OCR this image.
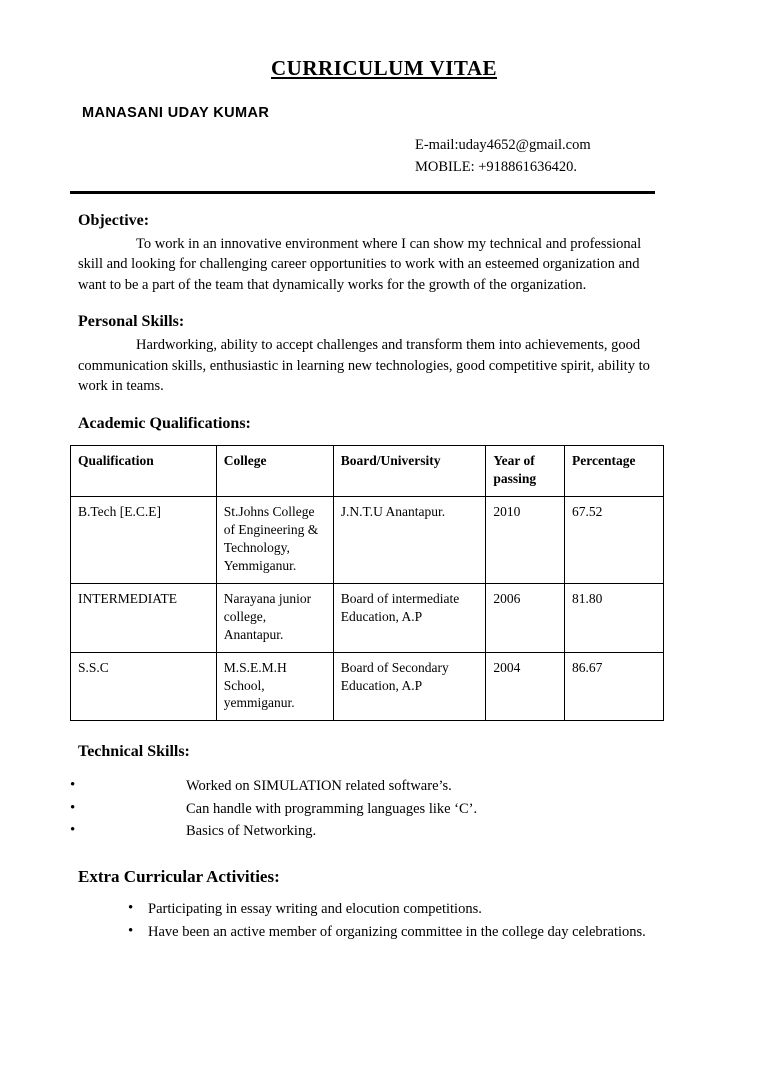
CURRICULUM VITAE
MANASANI UDAY KUMAR
E-mail:uday4652@gmail.com
MOBILE: +918861636420.
Objective:
To work in an innovative environment where I can show my technical and professional skill and looking for challenging career opportunities to work with an esteemed organization and want to be a part of the team that dynamically works for the growth of the organization.
Personal Skills:
Hardworking, ability to accept challenges and transform them into achievements, good communication skills, enthusiastic in learning new technologies, good competitive spirit, ability to work in teams.
Academic Qualifications:
Qualification	College	Board/University	Year of passing	Percentage
B.Tech [E.C.E]	St.Johns College of Engineering & Technology, Yemmiganur.	J.N.T.U Anantapur.	2010	67.52
INTERMEDIATE	Narayana junior college, Anantapur.	Board of intermediate Education, A.P	2006	81.80
S.S.C	M.S.E.M.H School, yemmiganur.	Board of Secondary Education, A.P	2004	86.67
Technical Skills:
•	Worked on SIMULATION related software’s.
•	Can handle with programming languages like ‘C’.
•	Basics of Networking.
Extra Curricular Activities:
• Participating in essay writing and elocution competitions.
• Have been an active member of organizing committee in the college day celebrations.
